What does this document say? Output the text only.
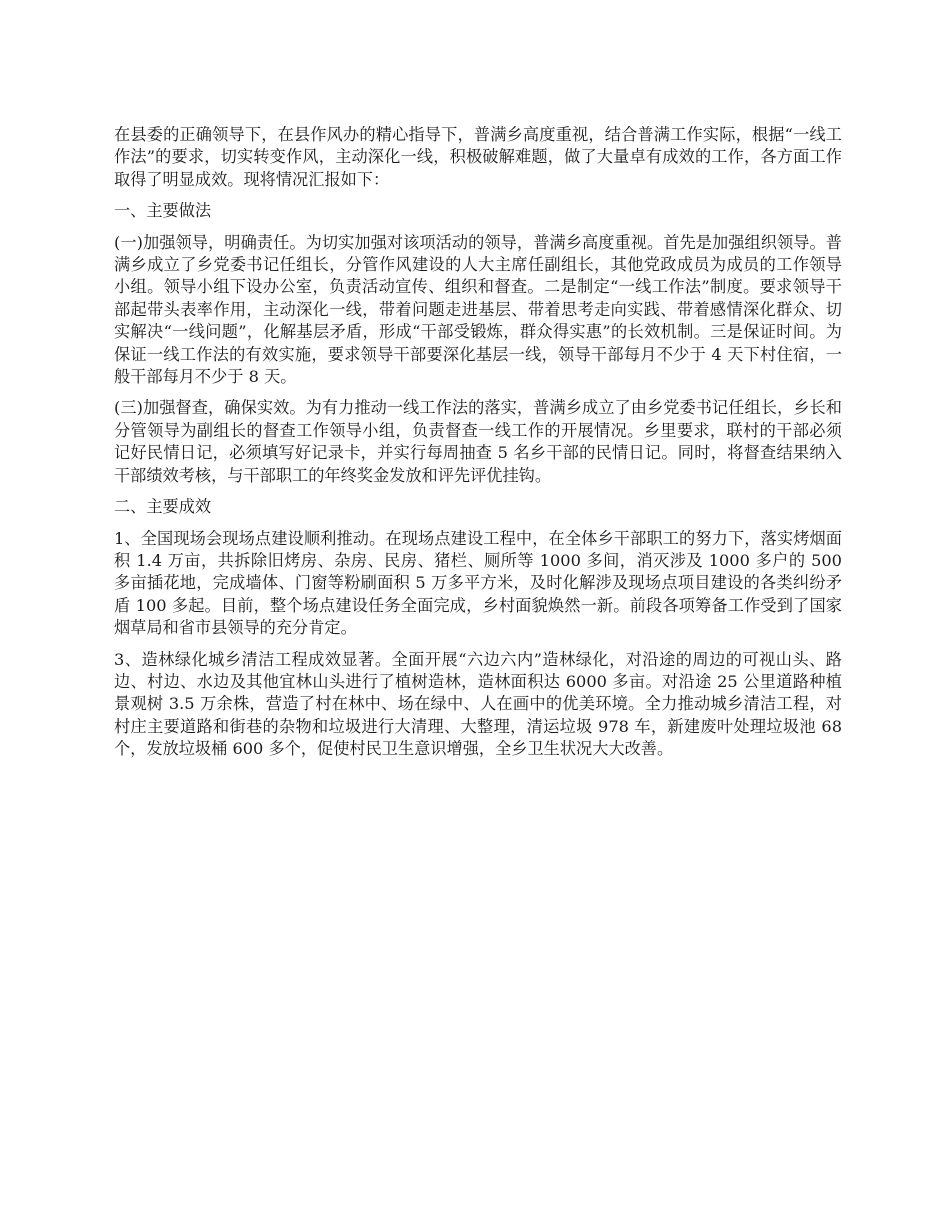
在县委的正确领导下，在县作风办的精心指导下，普满乡高度重视，结合普满工作实际，根据“一线工作法”的要求，切实转变作风，主动深化一线，积极破解难题，做了大量卓有成效的工作，各方面工作取得了明显成效。现将情况汇报如下：

一、主要做法

(一)加强领导，明确责任。为切实加强对该项活动的领导，普满乡高度重视。首先是加强组织领导。普满乡成立了乡党委书记任组长，分管作风建设的人大主席任副组长，其他党政成员为成员的工作领导小组。领导小组下设办公室，负责活动宣传、组织和督查。二是制定“一线工作法”制度。要求领导干部起带头表率作用，主动深化一线，带着问题走进基层、带着思考走向实践、带着感情深化群众、切实解决“一线问题”，化解基层矛盾，形成“干部受锻炼，群众得实惠”的长效机制。三是保证时间。为保证一线工作法的有效实施，要求领导干部要深化基层一线，领导干部每月不少于 4 天下村住宿，一般干部每月不少于 8 天。

(三)加强督查，确保实效。为有力推动一线工作法的落实，普满乡成立了由乡党委书记任组长，乡长和分管领导为副组长的督查工作领导小组，负责督查一线工作的开展情况。乡里要求，联村的干部必须记好民情日记，必须填写好记录卡，并实行每周抽查 5 名乡干部的民情日记。同时，将督查结果纳入干部绩效考核，与干部职工的年终奖金发放和评先评优挂钩。

二、主要成效

1、全国现场会现场点建设顺利推动。在现场点建设工程中，在全体乡干部职工的努力下，落实烤烟面积 1.4 万亩，共拆除旧烤房、杂房、民房、猪栏、厕所等 1000 多间，消灭涉及 1000 多户的 500 多亩插花地，完成墙体、门窗等粉刷面积 5 万多平方米，及时化解涉及现场点项目建设的各类纠纷矛盾 100 多起。目前，整个场点建设任务全面完成，乡村面貌焕然一新。前段各项筹备工作受到了国家烟草局和省市县领导的充分肯定。

3、造林绿化城乡清洁工程成效显著。全面开展“六边六内”造林绿化，对沿途的周边的可视山头、路边、村边、水边及其他宜林山头进行了植树造林，造林面积达 6000 多亩。对沿途 25 公里道路种植景观树 3.5 万余株，营造了村在林中、场在绿中、人在画中的优美环境。全力推动城乡清洁工程，对村庄主要道路和街巷的杂物和垃圾进行大清理、大整理，清运垃圾 978 车，新建废叶处理垃圾池 68 个，发放垃圾桶 600 多个，促使村民卫生意识增强，全乡卫生状况大大改善。
